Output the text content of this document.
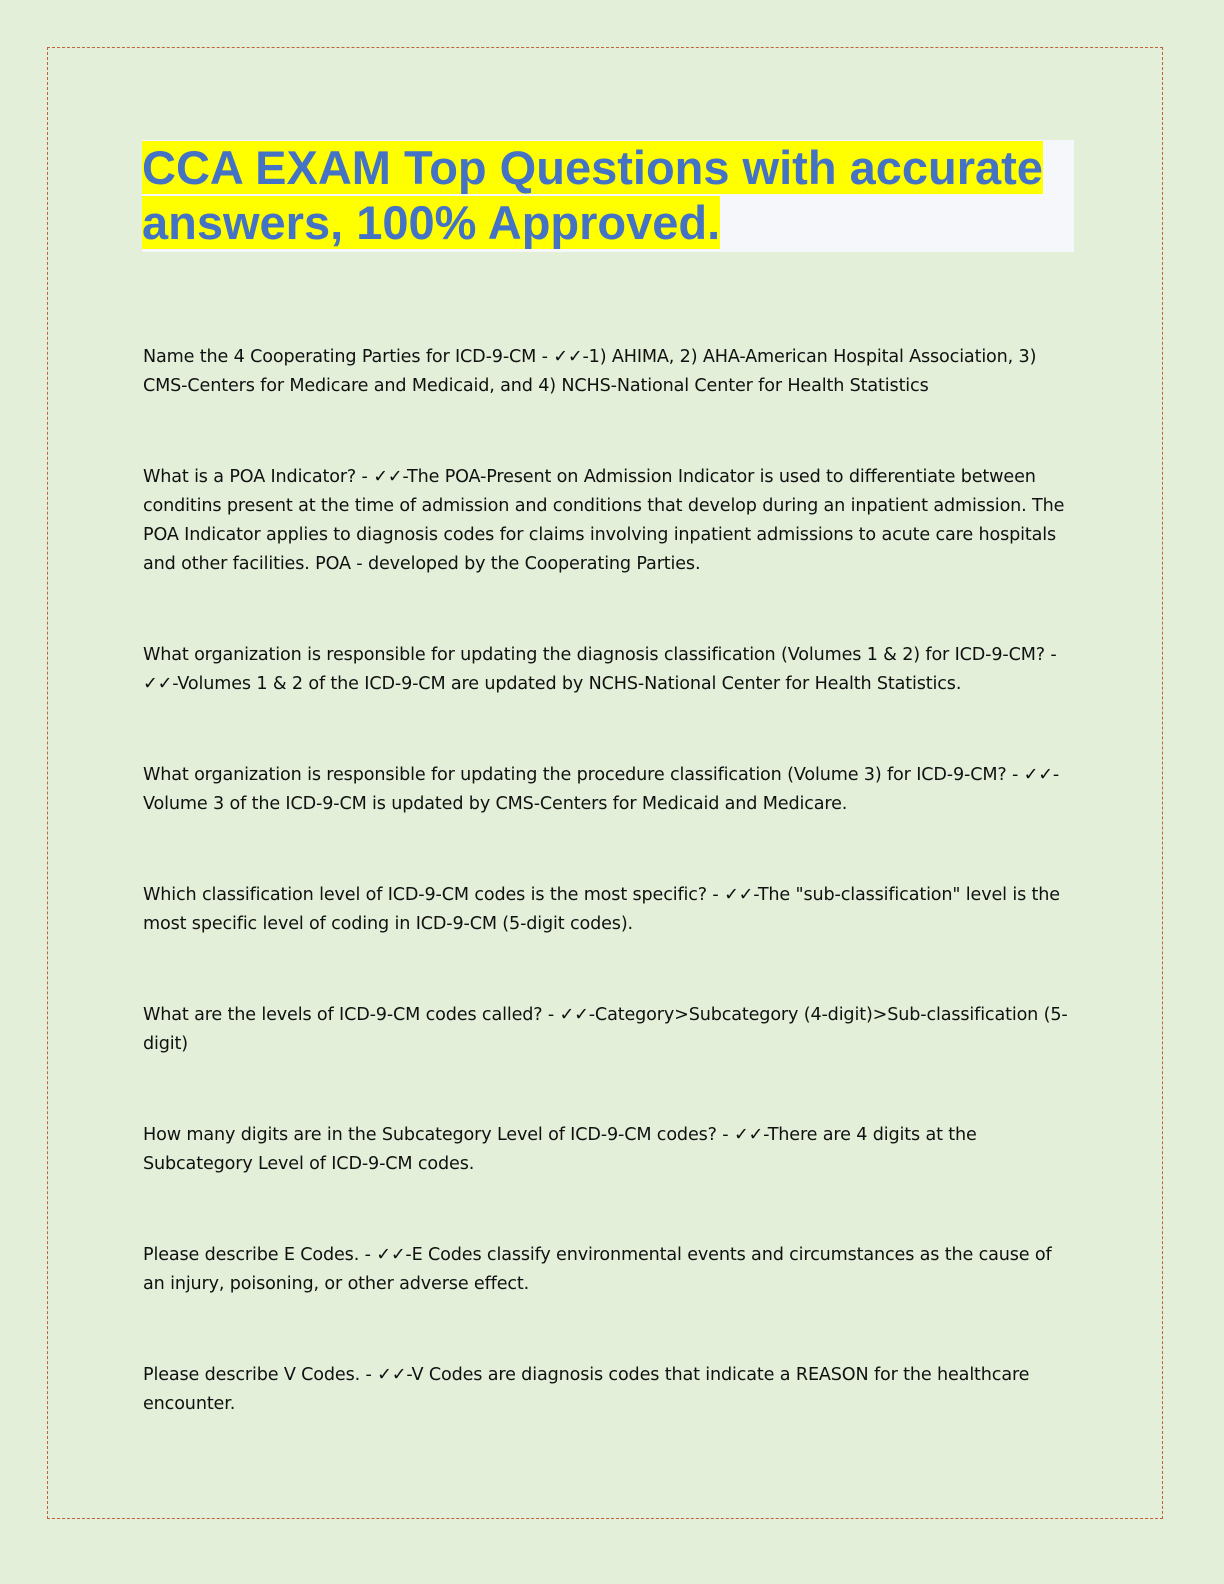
CCA EXAM Top Questions with accurate answers, 100% Approved.

Name the 4 Cooperating Parties for ICD-9-CM - ✓✓-1) AHIMA, 2) AHA-American Hospital Association, 3) CMS-Centers for Medicare and Medicaid, and 4) NCHS-National Center for Health Statistics

What is a POA Indicator? - ✓✓-The POA-Present on Admission Indicator is used to differentiate between conditins present at the time of admission and conditions that develop during an inpatient admission. The POA Indicator applies to diagnosis codes for claims involving inpatient admissions to acute care hospitals and other facilities. POA - developed by the Cooperating Parties.

What organization is responsible for updating the diagnosis classification (Volumes 1 & 2) for ICD-9-CM? - ✓✓-Volumes 1 & 2 of the ICD-9-CM are updated by NCHS-National Center for Health Statistics.

What organization is responsible for updating the procedure classification (Volume 3) for ICD-9-CM? - ✓✓-Volume 3 of the ICD-9-CM is updated by CMS-Centers for Medicaid and Medicare.

Which classification level of ICD-9-CM codes is the most specific? - ✓✓-The "sub-classification" level is the most specific level of coding in ICD-9-CM (5-digit codes).

What are the levels of ICD-9-CM codes called? - ✓✓-Category>Subcategory (4-digit)>Sub-classification (5-digit)

How many digits are in the Subcategory Level of ICD-9-CM codes? - ✓✓-There are 4 digits at the Subcategory Level of ICD-9-CM codes.

Please describe E Codes. - ✓✓-E Codes classify environmental events and circumstances as the cause of an injury, poisoning, or other adverse effect.

Please describe V Codes. - ✓✓-V Codes are diagnosis codes that indicate a REASON for the healthcare encounter.
